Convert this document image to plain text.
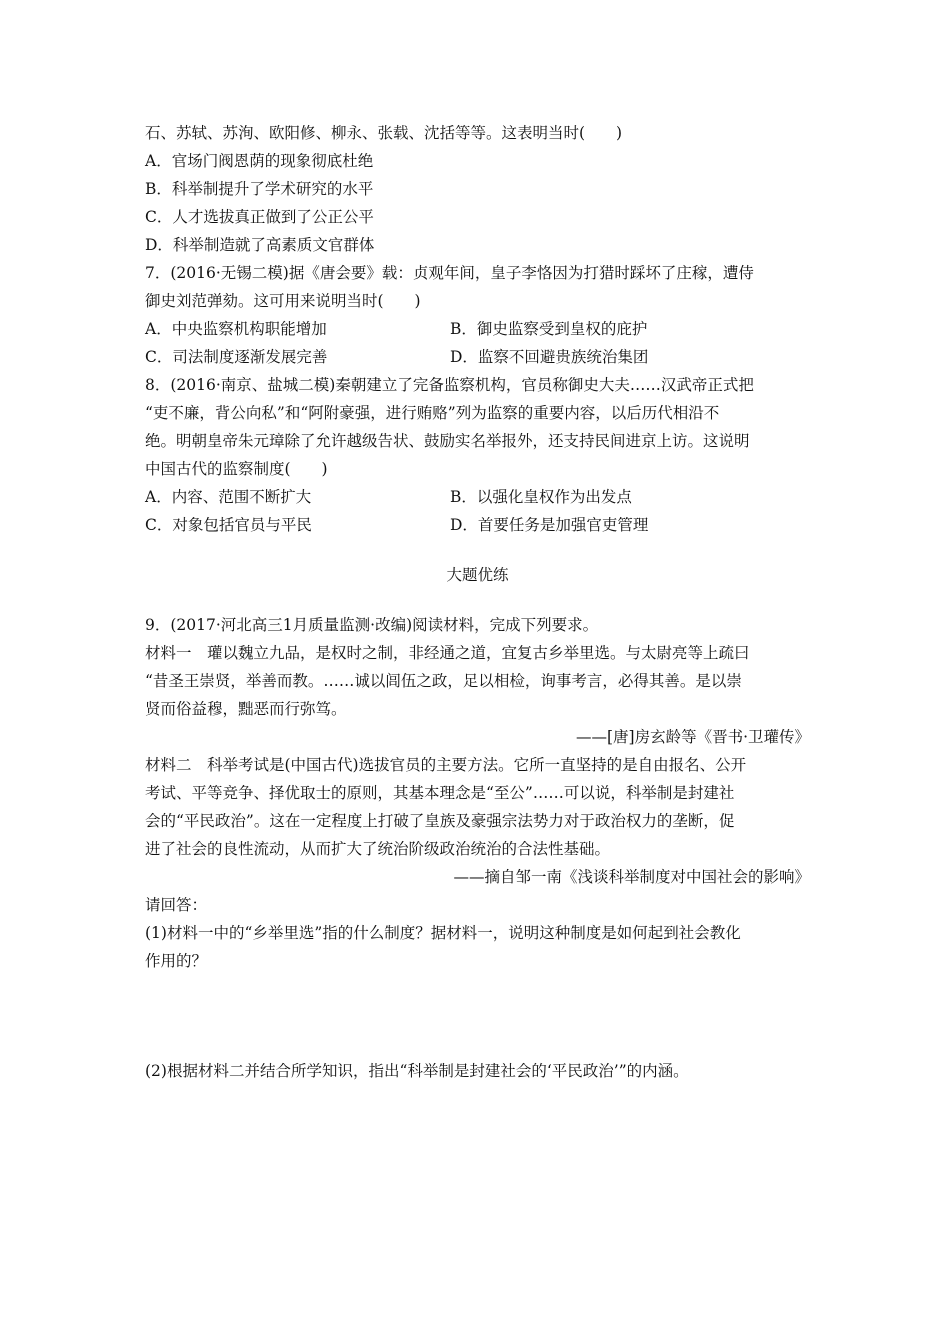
石、苏轼、苏洵、欧阳修、柳永、张载、沈括等等。这表明当时(　　)
A．官场门阀恩荫的现象彻底杜绝
B．科举制提升了学术研究的水平
C．人才选拔真正做到了公正公平
D．科举制造就了高素质文官群体
7．(2016·无锡二模)据《唐会要》载：贞观年间，皇子李恪因为打猎时踩坏了庄稼，遭侍
御史刘范弹劾。这可用来说明当时(　　)
A．中央监察机构职能增加	B．御史监察受到皇权的庇护
C．司法制度逐渐发展完善	D．监察不回避贵族统治集团
8．(2016·南京、盐城二模)秦朝建立了完备监察机构，官员称御史大夫……汉武帝正式把
“吏不廉，背公向私”和“阿附豪强，进行贿赂”列为监察的重要内容，以后历代相沿不
绝。明朝皇帝朱元璋除了允许越级告状、鼓励实名举报外，还支持民间进京上访。这说明
中国古代的监察制度(　　)
A．内容、范围不断扩大	B．以强化皇权作为出发点
C．对象包括官员与平民	D．首要任务是加强官吏管理
大题优练
9．(2017·河北高三1月质量监测·改编)阅读材料，完成下列要求。
材料一　瓘以魏立九品，是权时之制，非经通之道，宜复古乡举里选。与太尉亮等上疏曰
“昔圣王崇贤，举善而教。……诚以闾伍之政，足以相检，询事考言，必得其善。是以崇
贤而俗益穆，黜恶而行弥笃。
——[唐]房玄龄等《晋书·卫瓘传》
材料二　科举考试是(中国古代)选拔官员的主要方法。它所一直坚持的是自由报名、公开
考试、平等竞争、择优取士的原则，其基本理念是“至公”……可以说，科举制是封建社
会的“平民政治”。这在一定程度上打破了皇族及豪强宗法势力对于政治权力的垄断，促
进了社会的良性流动，从而扩大了统治阶级政治统治的合法性基础。
——摘自邹一南《浅谈科举制度对中国社会的影响》
请回答：
(1)材料一中的“乡举里选”指的什么制度？据材料一，说明这种制度是如何起到社会教化
作用的？
(2)根据材料二并结合所学知识，指出“科举制是封建社会的‘平民政治’”的内涵。
